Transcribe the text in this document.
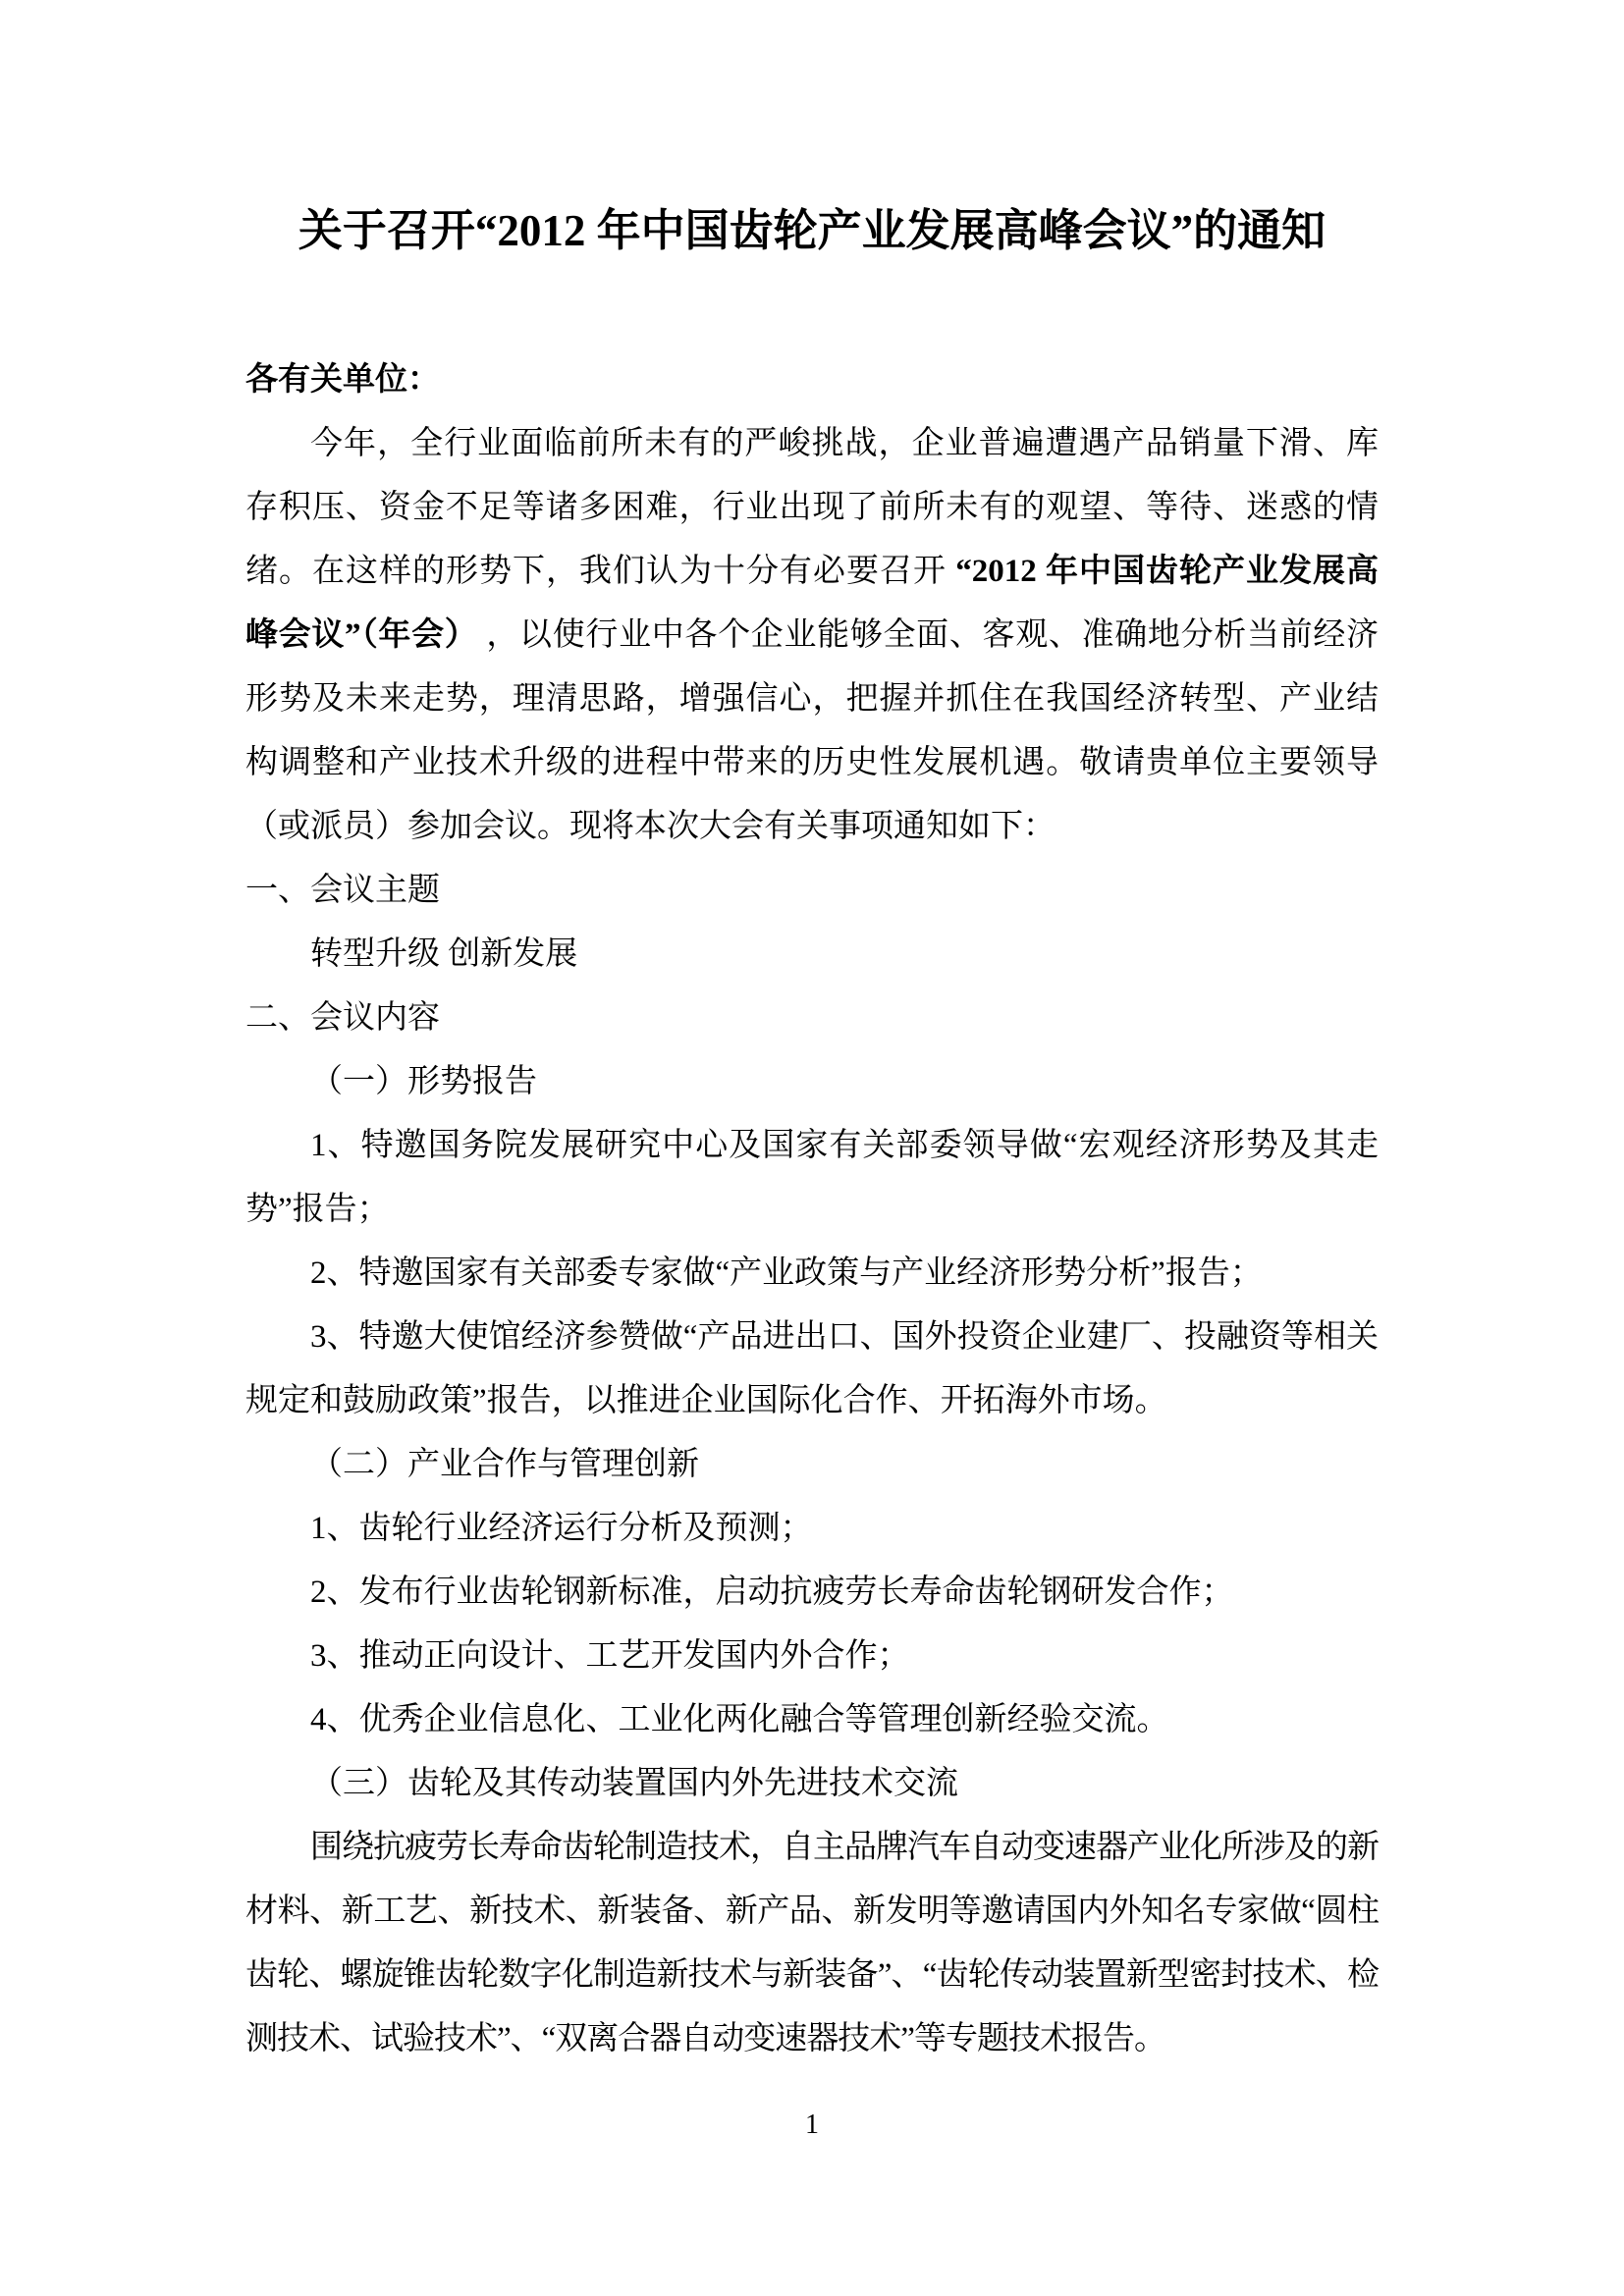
关于召开“2012 年中国齿轮产业发展高峰会议”的通知
各有关单位：
今年，全行业面临前所未有的严峻挑战，企业普遍遭遇产品销量下滑、库存积压、资金不足等诸多困难，行业出现了前所未有的观望、等待、迷惑的情绪。在这样的形势下，我们认为十分有必要召开 “2012 年中国齿轮产业发展高峰会议”（年会） ，以使行业中各个企业能够全面、客观、准确地分析当前经济形势及未来走势，理清思路，增强信心，把握并抓住在我国经济转型、产业结构调整和产业技术升级的进程中带来的历史性发展机遇。敬请贵单位主要领导（或派员）参加会议。现将本次大会有关事项通知如下：
一、会议主题
转型升级 创新发展
二、会议内容
（一）形势报告
1、特邀国务院发展研究中心及国家有关部委领导做“宏观经济形势及其走势”报告；
2、特邀国家有关部委专家做“产业政策与产业经济形势分析”报告；
3、特邀大使馆经济参赞做“产品进出口、国外投资企业建厂、投融资等相关规定和鼓励政策”报告，以推进企业国际化合作、开拓海外市场。
（二）产业合作与管理创新
1、齿轮行业经济运行分析及预测；
2、发布行业齿轮钢新标准，启动抗疲劳长寿命齿轮钢研发合作；
3、推动正向设计、工艺开发国内外合作；
4、优秀企业信息化、工业化两化融合等管理创新经验交流。
（三）齿轮及其传动装置国内外先进技术交流
围绕抗疲劳长寿命齿轮制造技术，自主品牌汽车自动变速器产业化所涉及的新材料、新工艺、新技术、新装备、新产品、新发明等邀请国内外知名专家做“圆柱齿轮、螺旋锥齿轮数字化制造新技术与新装备”、“齿轮传动装置新型密封技术、检测技术、试验技术”、“双离合器自动变速器技术”等专题技术报告。
1
